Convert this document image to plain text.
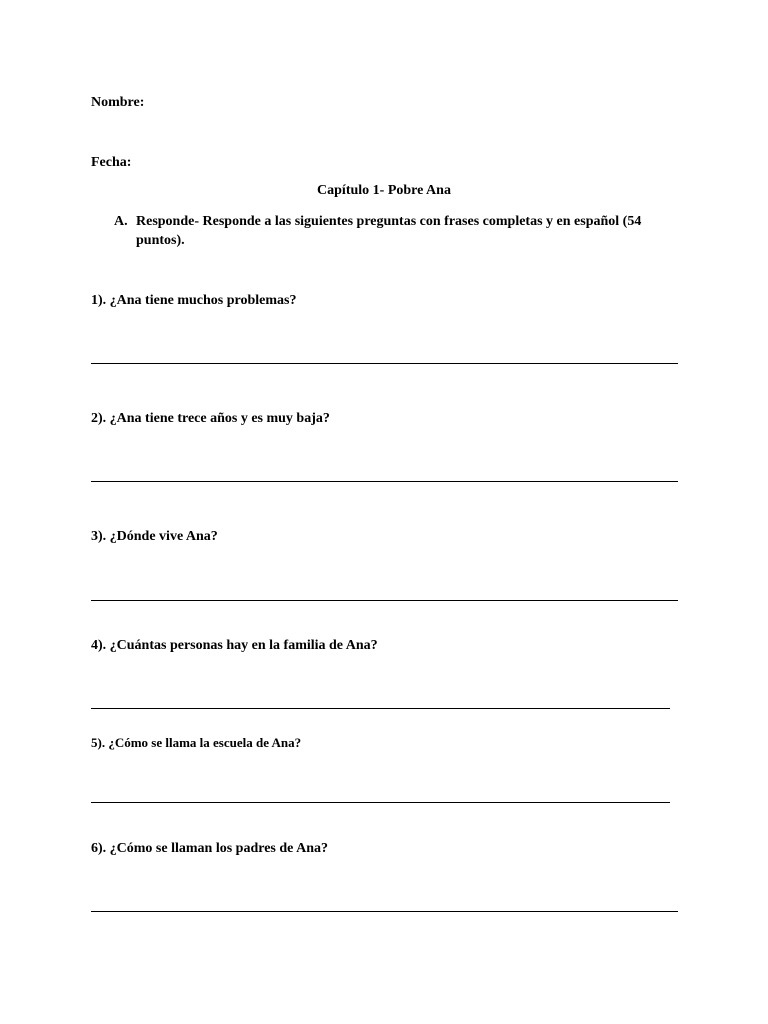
Nombre:

Fecha:

Capítulo 1- Pobre Ana

A. Responde- Responde a las siguientes preguntas con frases completas y en español (54 puntos).

1). ¿Ana tiene muchos problemas?

2). ¿Ana tiene trece años y es muy baja?

3). ¿Dónde vive Ana?

4). ¿Cuántas personas hay en la familia de Ana?

5). ¿Cómo se llama la escuela de Ana?

6). ¿Cómo se llaman los padres de Ana?
